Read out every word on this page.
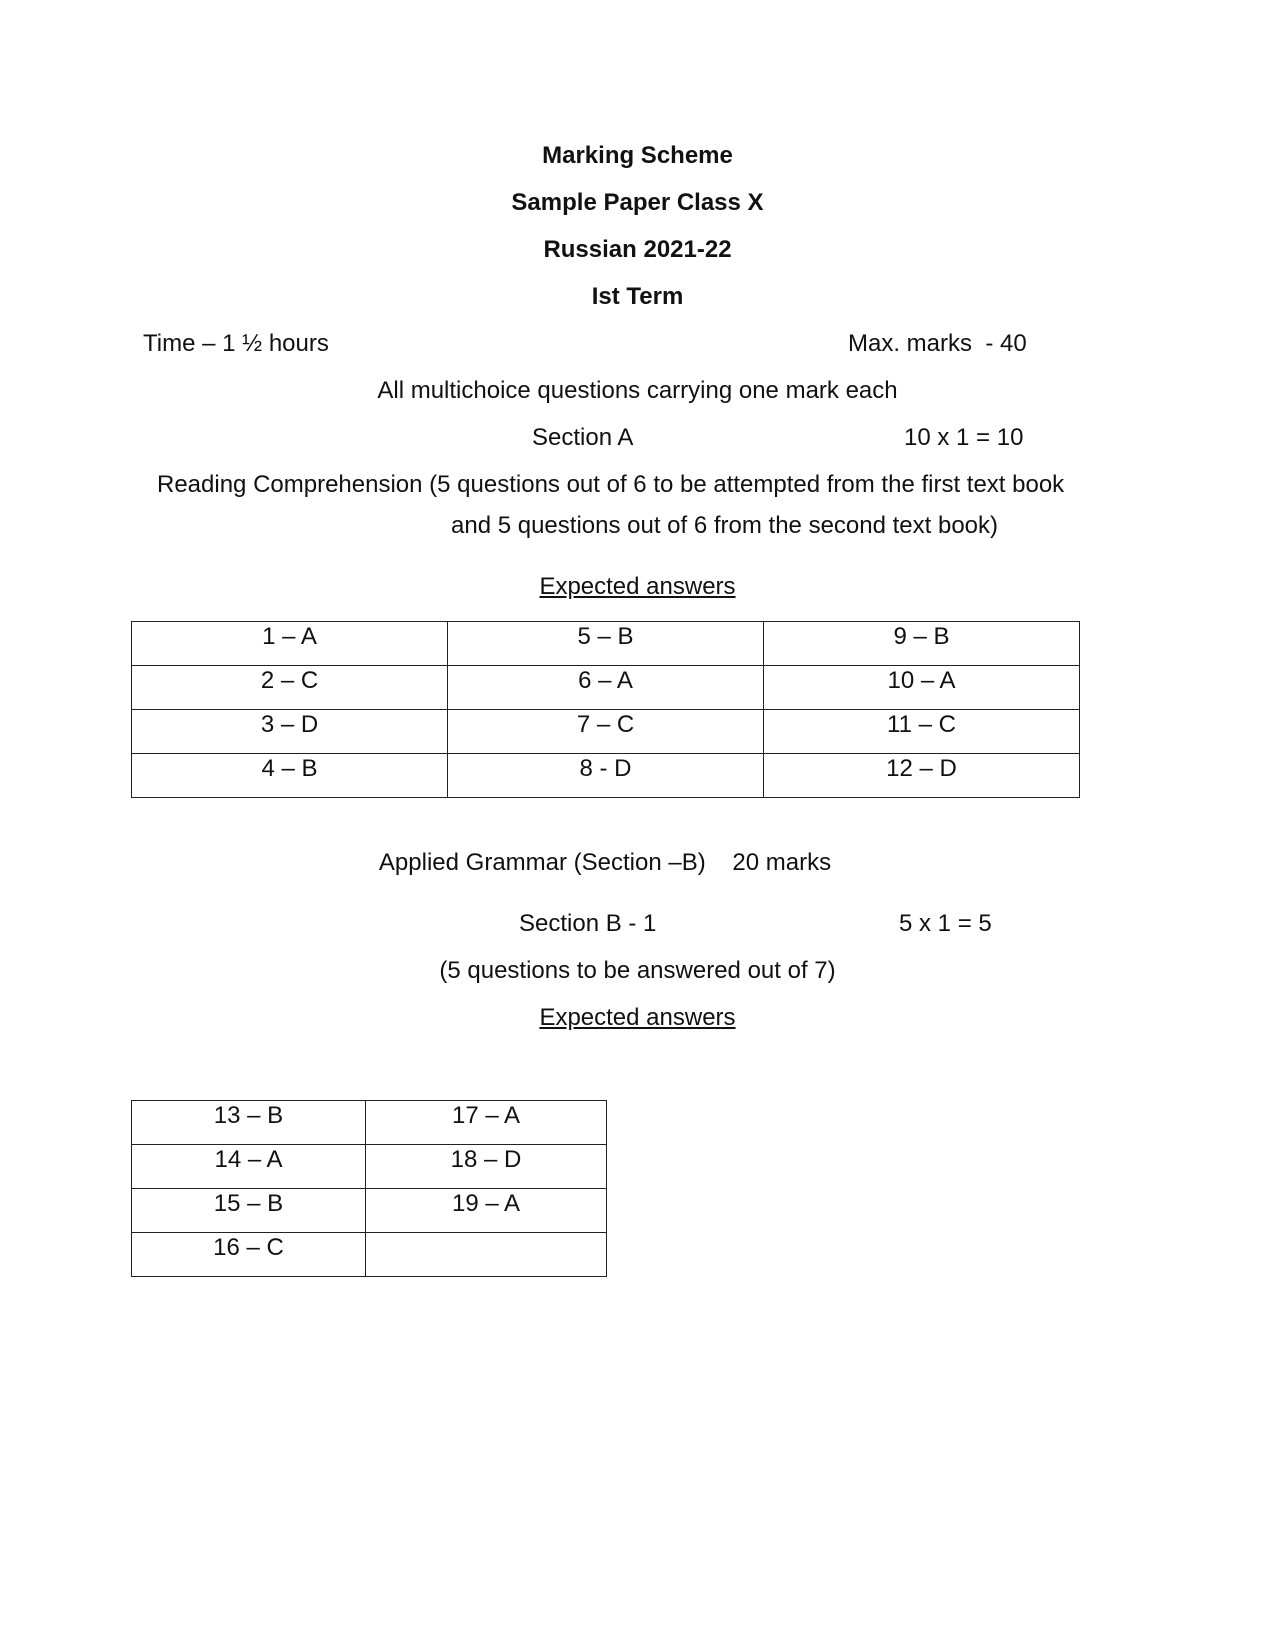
Marking Scheme
Sample Paper Class X
Russian 2021-22
Ist Term
Time – 1 ½ hours	Max. marks  - 40
All multichoice questions carrying one mark each
Section A	10 x 1 = 10
Reading Comprehension (5 questions out of 6 to be attempted from the first text book
and 5 questions out of 6 from the second text book)
Expected answers
1 – A	5 – B	9 – B
2 – C	6 – A	10 – A
3 – D	7 – C	11 – C
4 – B	8 - D	12 – D
Applied Grammar (Section –B)    20 marks
Section B - 1	5 x 1 = 5
(5 questions to be answered out of 7)
Expected answers
13 – B	17 – A
14 – A	18 – D
15 – B	19 – A
16 – C	
